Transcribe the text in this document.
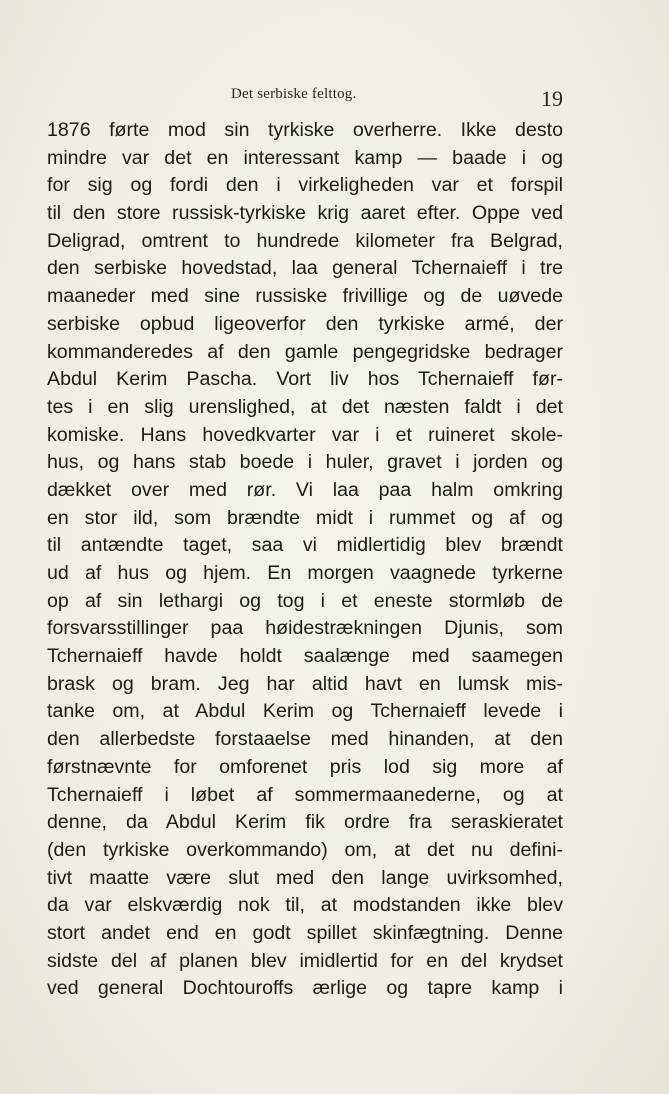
Det serbiske felttog.	19
1876 førte mod sin tyrkiske overherre. Ikke desto
mindre var det en interessant kamp — baade i og
for sig og fordi den i virkeligheden var et forspil
til den store russisk-tyrkiske krig aaret efter. Oppe ved
Deligrad, omtrent to hundrede kilometer fra Belgrad,
den serbiske hovedstad, laa general Tchernaieff i tre
maaneder med sine russiske frivillige og de uøvede
serbiske opbud ligeoverfor den tyrkiske armé, der
kommanderedes af den gamle pengegridske bedrager
Abdul Kerim Pascha. Vort liv hos Tchernaieff før-
tes i en slig urenslighed, at det næsten faldt i det
komiske. Hans hovedkvarter var i et ruineret skole-
hus, og hans stab boede i huler, gravet i jorden og
dækket over med rør. Vi laa paa halm omkring
en stor ild, som brændte midt i rummet og af og
til antændte taget, saa vi midlertidig blev brændt
ud af hus og hjem. En morgen vaagnede tyrkerne
op af sin lethargi og tog i et eneste stormløb de
forsvarsstillinger paa høidestrækningen Djunis, som
Tchernaieff havde holdt saalænge med saamegen
brask og bram. Jeg har altid havt en lumsk mis-
tanke om, at Abdul Kerim og Tchernaieff levede i
den allerbedste forstaaelse med hinanden, at den
førstnævnte for omforenet pris lod sig more af
Tchernaieff i løbet af sommermaanederne, og at
denne, da Abdul Kerim fik ordre fra seraskieratet
(den tyrkiske overkommando) om, at det nu defini-
tivt maatte være slut med den lange uvirksomhed,
da var elskværdig nok til, at modstanden ikke blev
stort andet end en godt spillet skinfægtning. Denne
sidste del af planen blev imidlertid for en del krydset
ved general Dochtouroffs ærlige og tapre kamp i
